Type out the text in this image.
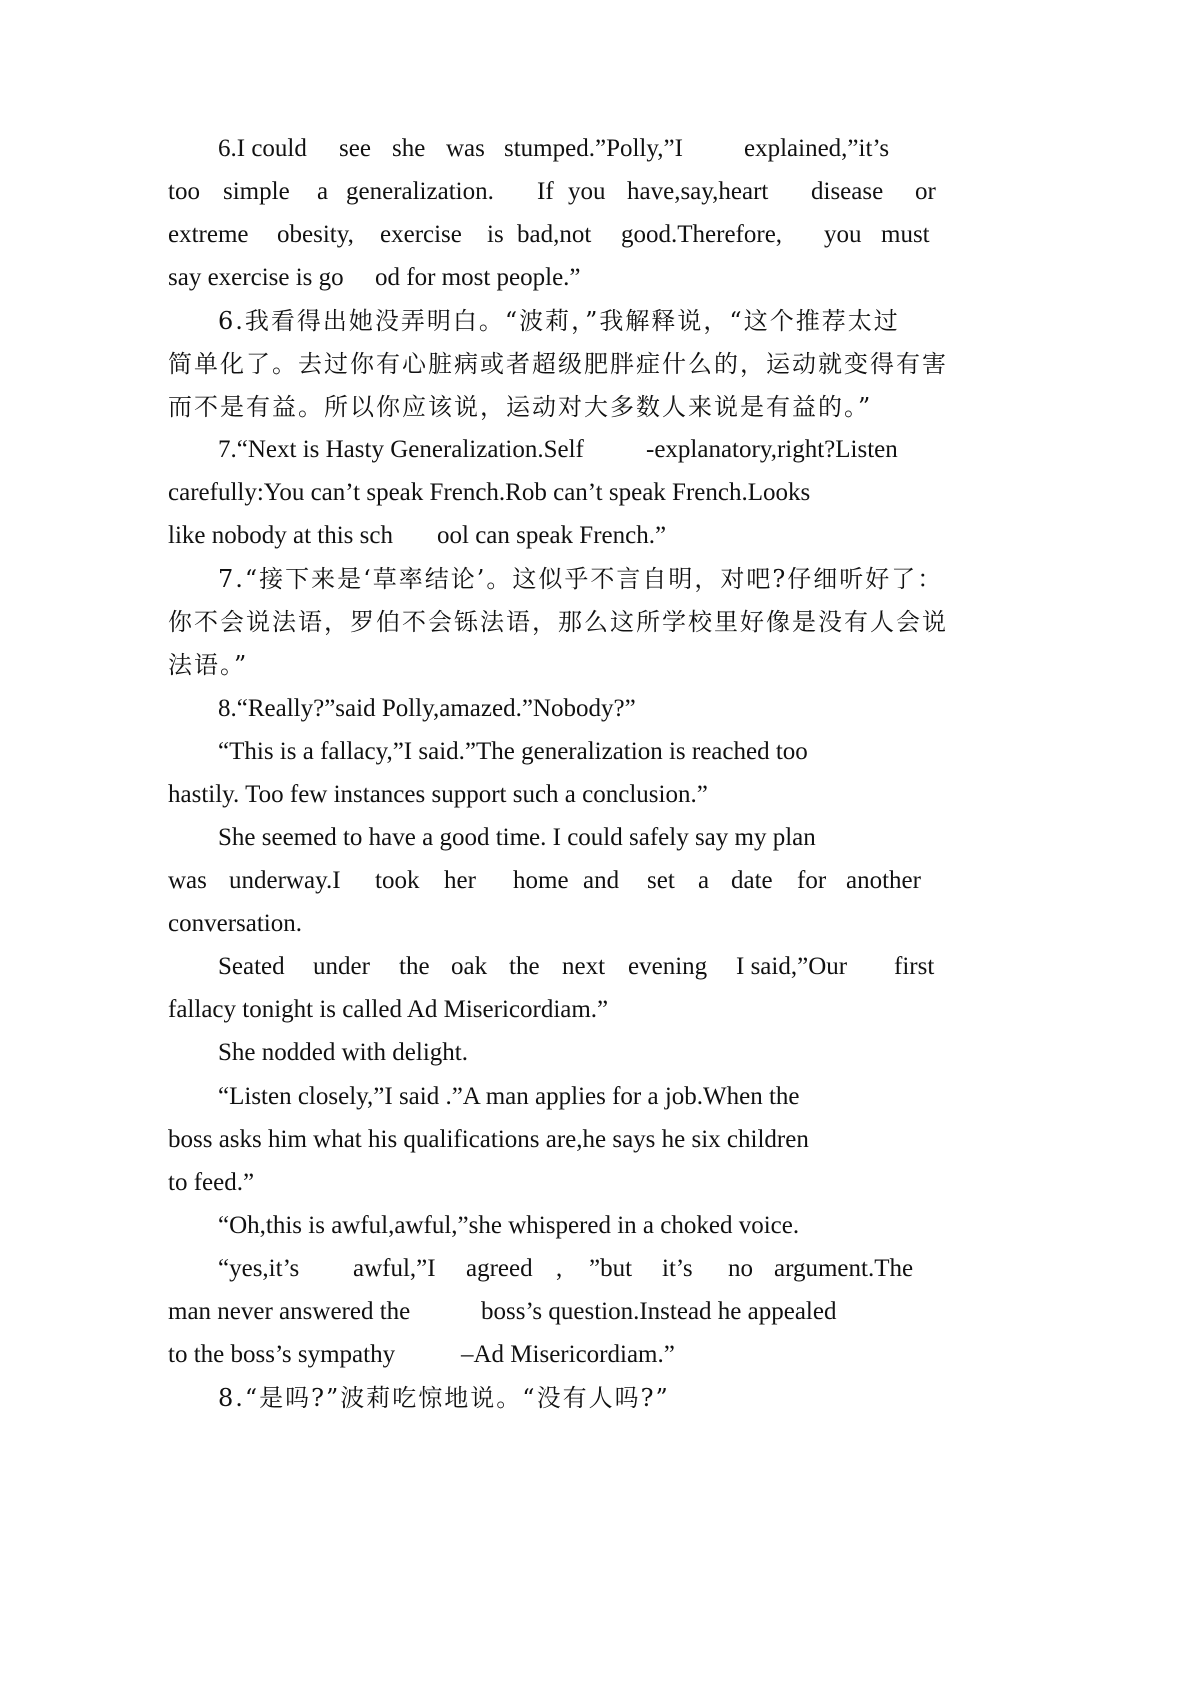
6.I could see she was stumped.”Polly,”I explained,”it’s
too simple a generalization. If you have,say,heart disease or
extreme obesity, exercise is bad,not good.Therefore, you must
say exercise is go od for most people.”
6.我看得出她没弄明白。“波莉，”我解释说，“这个推荐太过
简单化了。去过你有心脏病或者超级肥胖症什么的，运动就变得有害
而不是有益。所以你应该说，运动对大多数人来说是有益的。”
7.“Next is Hasty Generalization.Self -explanatory,right?Listen
carefully:You can’t speak French.Rob can’t speak French.Looks
like nobody at this sch ool can speak French.”
7.“接下来是‘草率结论’。这似乎不言自明，对吧?仔细听好了：
你不会说法语，罗伯不会铄法语，那么这所学校里好像是没有人会说
法语。”
8.“Really?”said Polly,amazed.”Nobody?”
“This is a fallacy,”I said.”The generalization is reached too
hastily. Too few instances support such a conclusion.”
She seemed to have a good time. I could safely say my plan
was underway.I took her home and set a date for another
conversation.
Seated under the oak the next evening I said,”Our first
fallacy tonight is called Ad Misericordiam.”
She nodded with delight.
“Listen closely,”I said .”A man applies for a job.When the
boss asks him what his qualifications are,he says he six children
to feed.”
“Oh,this is awful,awful,”she whispered in a choked voice.
“yes,it’s awful,”I agreed , ”but it’s no argument.The
man never answered the	boss’s question.Instead he appealed
to the boss’s sympathy	–Ad Misericordiam.”
8.“是吗?”波莉吃惊地说。“没有人吗?”
